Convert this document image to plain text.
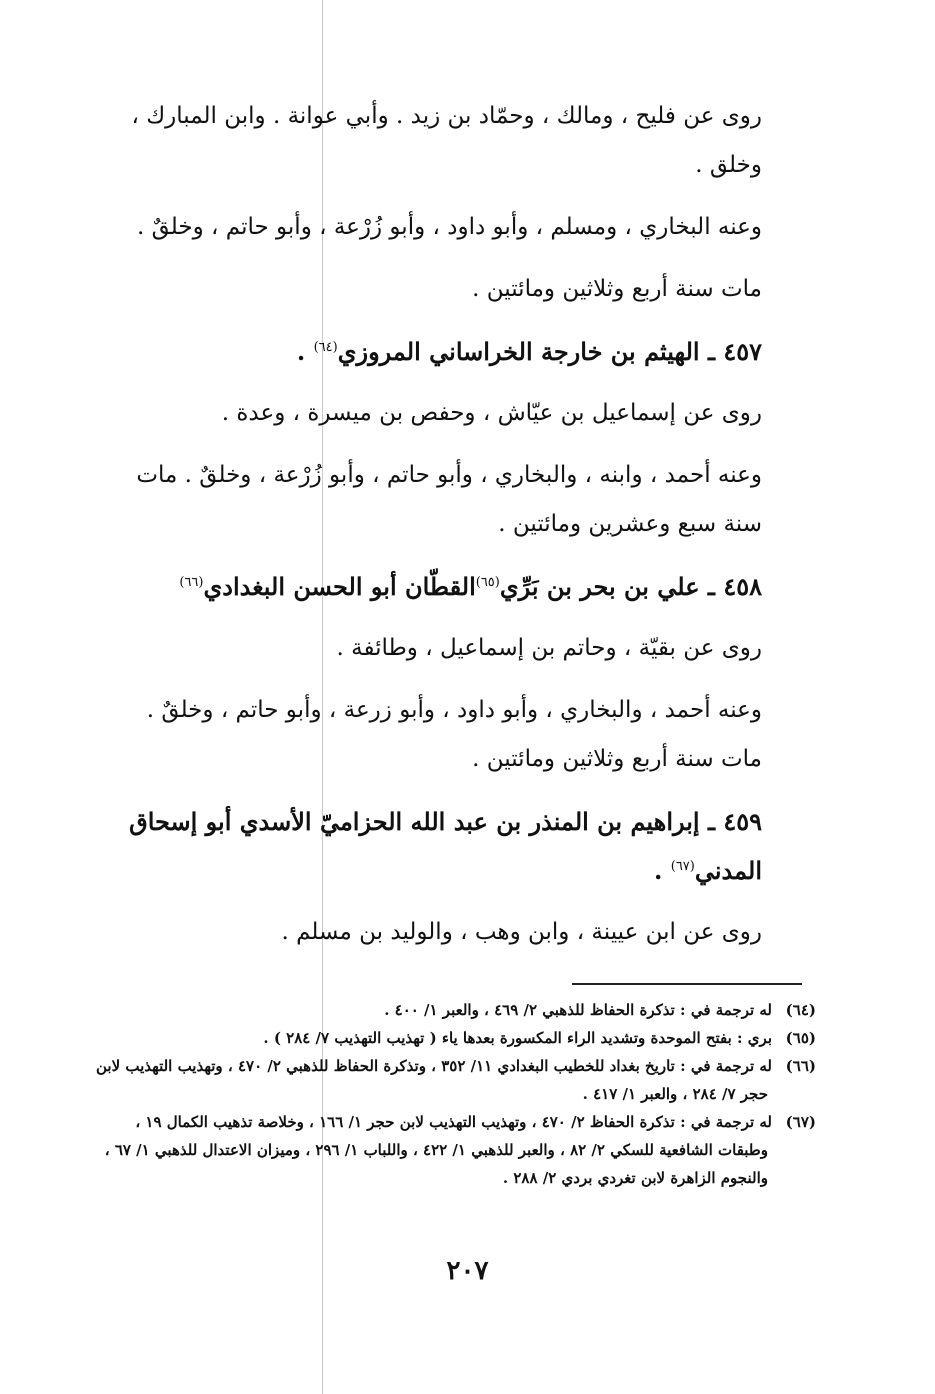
روى عن فليح ، ومالك ، وحمّاد بن زيد . وأبي عوانة . وابن المبارك ، وخلق .

وعنه البخاري ، ومسلم ، وأبو داود ، وأبو زُرْعة ، وأبو حاتم ، وخلقٌ .

مات سنة أربع وثلاثين ومائتين .

٤٥٧ ـ الهيثم بن خارجة الخراساني المروزي$^{(٦٤)}$ .

روى عن إسماعيل بن عيّاش ، وحفص بن ميسرة ، وعدة .

وعنه أحمد ، وابنه ، والبخاري ، وأبو حاتم ، وأبو زُرْعة ، وخلقٌ . مات سنة سبع وعشرين ومائتين .

٤٥٨ ـ علي بن بحر بن بَرِّي$^{(٦٥)}$القطّان أبو الحسن البغدادي$^{(٦٦)}$

روى عن بقيّة ، وحاتم بن إسماعيل ، وطائفة .

وعنه أحمد ، والبخاري ، وأبو داود ، وأبو زرعة ، وأبو حاتم ، وخلقٌ . مات سنة أربع وثلاثين ومائتين .

٤٥٩ ـ إبراهيم بن المنذر بن عبد الله الحزاميّ الأسدي أبو إسحاق المدني$^{(٦٧)}$ .

روى عن ابن عيينة ، وابن وهب ، والوليد بن مسلم .

(٦٤)له ترجمة في : تذكرة الحفاظ للذهبي ٢/ ٤٦٩ ، والعبر ١/ ٤٠٠ .

(٦٥)بري : بفتح الموحدة وتشديد الراء المكسورة بعدها ياء ( تهذيب التهذيب ٧/ ٢٨٤ ) .

(٦٦)له ترجمة في : تاريخ بغداد للخطيب البغدادي ١١/ ٣٥٢ ، وتذكرة الحفاظ للذهبي ٢/ ٤٧٠ ، وتهذيب التهذيب لابن حجر ٧/ ٢٨٤ ، والعبر ١/ ٤١٧ .

(٦٧)له ترجمة في : تذكرة الحفاظ ٢/ ٤٧٠ ، وتهذيب التهذيب لابن حجر ١/ ١٦٦ ، وخلاصة تذهيب الكمال ١٩ ، وطبقات الشافعية للسكي ٢/ ٨٢ ، والعبر للذهبي ١/ ٤٢٢ ، واللباب ١/ ٢٩٦ ، وميزان الاعتدال للذهبي ١/ ٦٧ ، والنجوم الزاهرة لابن تغردي بردي ٢/ ٢٨٨ .

٢٠٧
